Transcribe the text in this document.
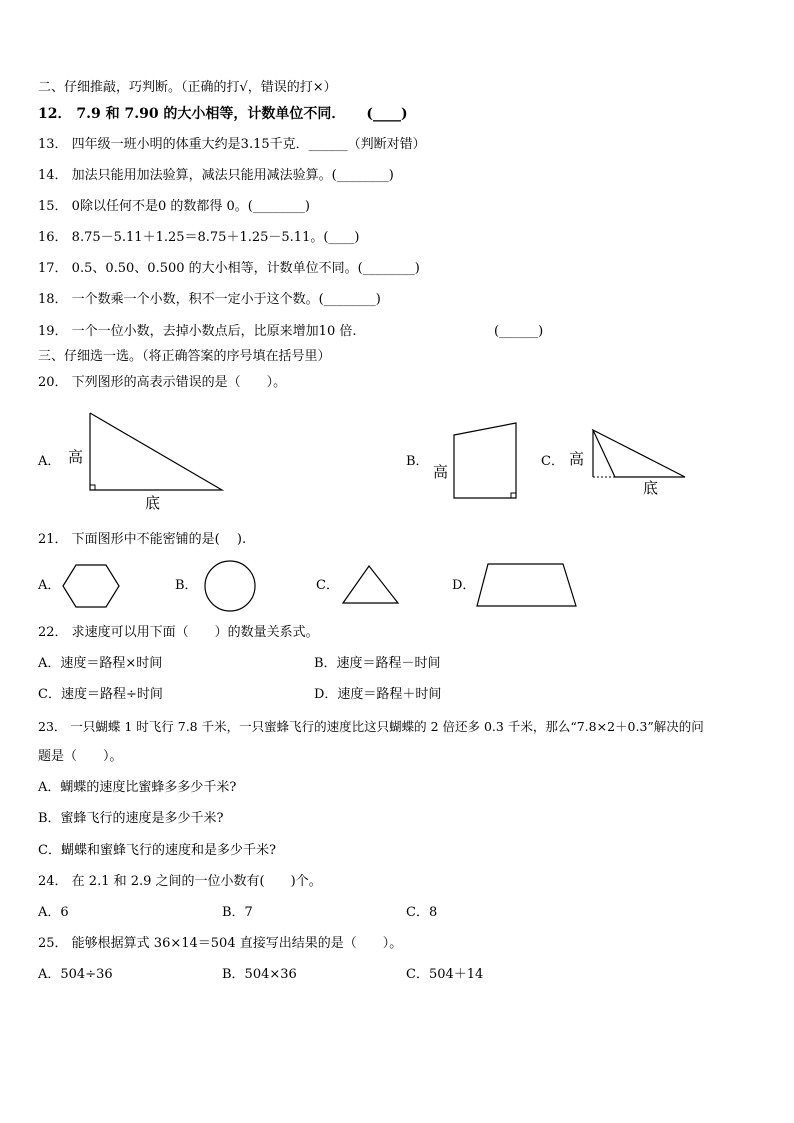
二、仔细推敲，巧判断。（正确的打√，错误的打×）
12． 7.9 和 7.90 的大小相等，计数单位不同．　　(____)
13． 四年级一班小明的体重大约是3.15千克．______（判断对错）
14． 加法只能用加法验算，减法只能用减法验算。(________)
15． 0除以任何不是0 的数都得 0。(________)
16． 8.75－5.11＋1.25＝8.75＋1.25－5.11。(____)
17． 0.5、0.50、0.500 的大小相等，计数单位不同。(________)
18． 一个数乘一个小数，积不一定小于这个数。(________)
19． 一个一位小数，去掉小数点后，比原来增加10 倍.	(______)
三、仔细选一选。（将正确答案的序号填在括号里）
20． 下列图形的高表示错误的是（　　）。
A． 高
底
B．
高
C． 高
底
21． 下面图形中不能密铺的是(　 ).
A．	B．	C．	D．
22． 求速度可以用下面（　　）的数量关系式。
A．速度＝路程×时间	B．速度＝路程－时间
C．速度＝路程÷时间	D．速度＝路程＋时间
23． 一只蝴蝶 1 时飞行 7.8 千米，一只蜜蜂飞行的速度比这只蝴蝶的 2 倍还多 0.3 千米，那么“7.8×2＋0.3”解决的问
题是（　　）。
A．蝴蝶的速度比蜜蜂多多少千米?
B．蜜蜂飞行的速度是多少千米?
C．蝴蝶和蜜蜂飞行的速度和是多少千米?
24． 在 2.1 和 2.9 之间的一位小数有(　　)个。
A．6	B．7	C．8
25． 能够根据算式 36×14＝504 直接写出结果的是（　　）。
A．504÷36	B．504×36	C．504＋14
